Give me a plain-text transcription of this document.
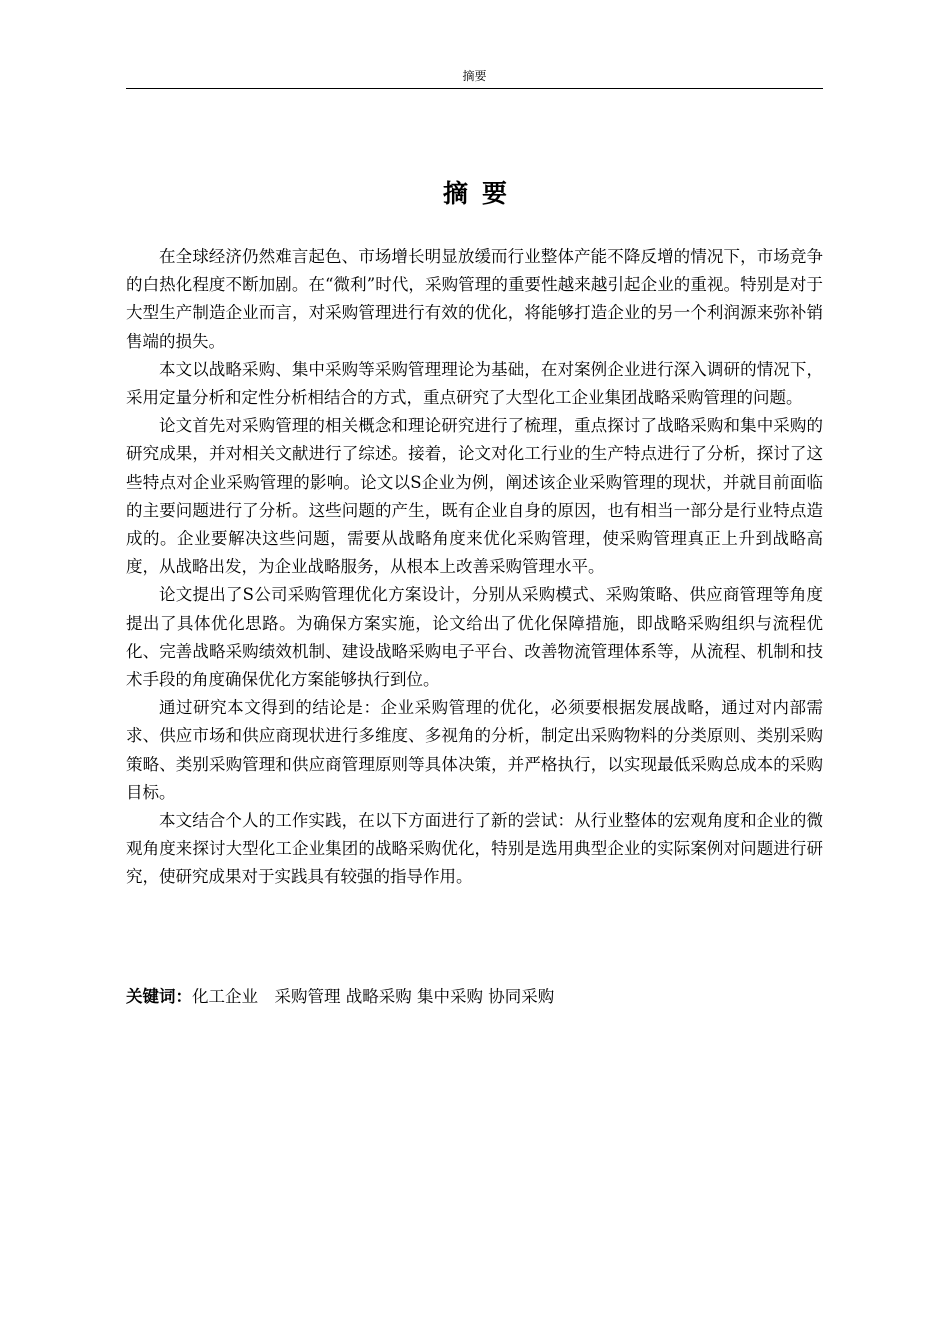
摘要
摘要

在全球经济仍然难言起色、市场增长明显放缓而行业整体产能不降反增的情况下，市场竞争的白热化程度不断加剧。在“微利”时代，采购管理的重要性越来越引起企业的重视。特别是对于大型生产制造企业而言，对采购管理进行有效的优化，将能够打造企业的另一个利润源来弥补销售端的损失。

本文以战略采购、集中采购等采购管理理论为基础，在对案例企业进行深入调研的情况下，采用定量分析和定性分析相结合的方式，重点研究了大型化工企业集团战略采购管理的问题。

论文首先对采购管理的相关概念和理论研究进行了梳理，重点探讨了战略采购和集中采购的研究成果，并对相关文献进行了综述。接着，论文对化工行业的生产特点进行了分析，探讨了这些特点对企业采购管理的影响。论文以S企业为例，阐述该企业采购管理的现状，并就目前面临的主要问题进行了分析。这些问题的产生，既有企业自身的原因，也有相当一部分是行业特点造成的。企业要解决这些问题，需要从战略角度来优化采购管理，使采购管理真正上升到战略高度，从战略出发，为企业战略服务，从根本上改善采购管理水平。

论文提出了S公司采购管理优化方案设计，分别从采购模式、采购策略、供应商管理等角度提出了具体优化思路。为确保方案实施，论文给出了优化保障措施，即战略采购组织与流程优化、完善战略采购绩效机制、建设战略采购电子平台、改善物流管理体系等，从流程、机制和技术手段的角度确保优化方案能够执行到位。

通过研究本文得到的结论是：企业采购管理的优化，必须要根据发展战略，通过对内部需求、供应市场和供应商现状进行多维度、多视角的分析，制定出采购物料的分类原则、类别采购策略、类别采购管理和供应商管理原则等具体决策，并严格执行，以实现最低采购总成本的采购目标。

本文结合个人的工作实践，在以下方面进行了新的尝试：从行业整体的宏观角度和企业的微观角度来探讨大型化工企业集团的战略采购优化，特别是选用典型企业的实际案例对问题进行研究，使研究成果对于实践具有较强的指导作用。

关键词：化工企业　采购管理 战略采购 集中采购 协同采购
